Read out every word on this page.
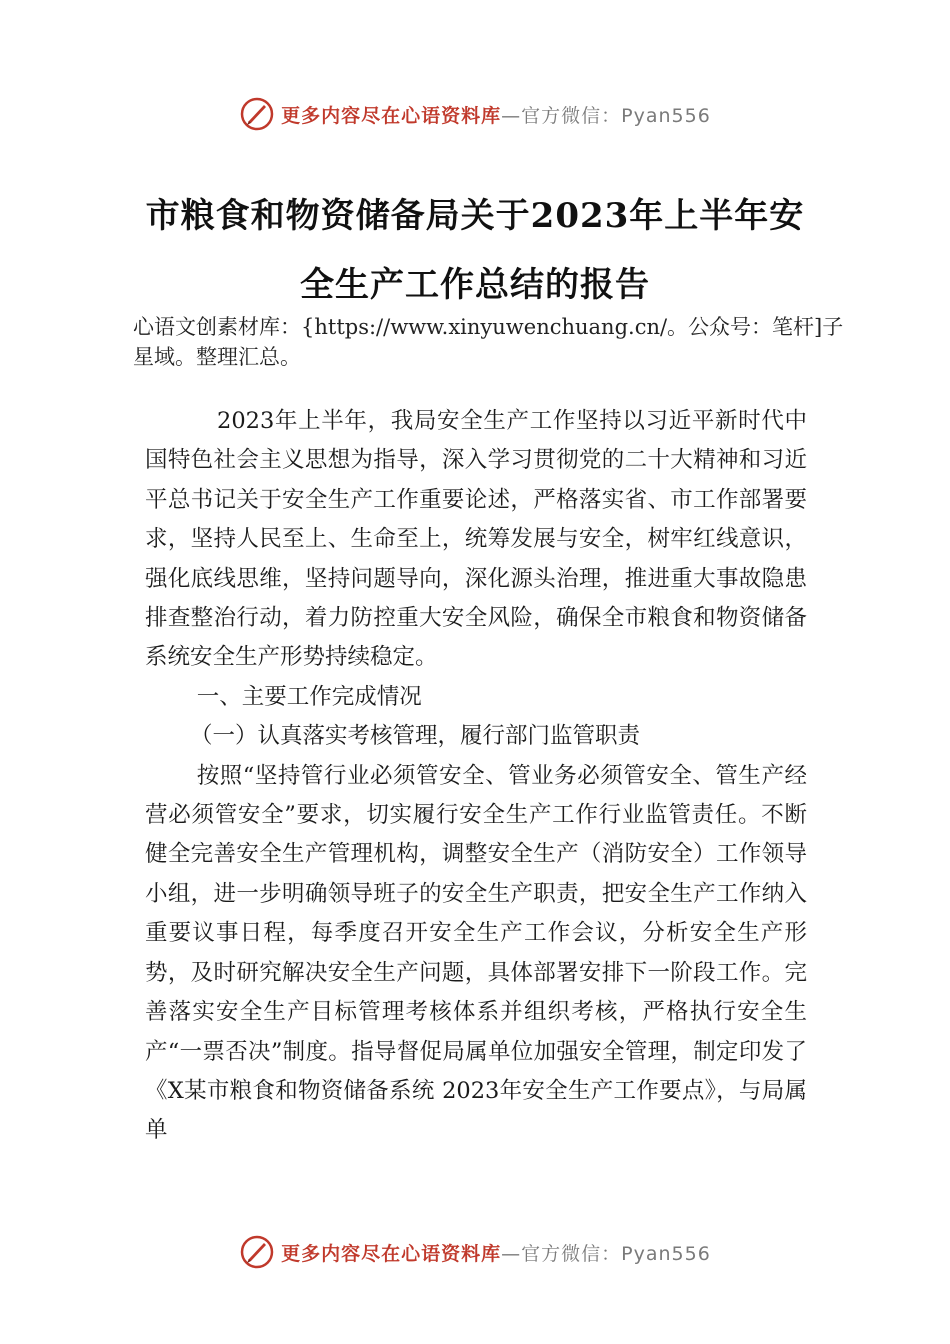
更多内容尽在心语资料库 —官方微信：Pyan556
市粮食和物资储备局关于2023年上半年安
全生产工作总结的报告

心语文创素材库：{https://www.xinyuwenchuang.cn/。公众号：笔杆]子星域。整理汇总。

2023年上半年，我局安全生产工作坚持以习近平新时代中国特色社会主义思想为指导，深入学习贯彻党的二十大精神和习近平总书记关于安全生产工作重要论述，严格落实省、市工作部署要求，坚持人民至上、生命至上，统筹发展与安全，树牢红线意识，强化底线思维，坚持问题导向，深化源头治理，推进重大事故隐患排查整治行动，着力防控重大安全风险，确保全市粮食和物资储备系统安全生产形势持续稳定。

一、主要工作完成情况

（一）认真落实考核管理，履行部门监管职责

按照“坚持管行业必须管安全、管业务必须管安全、管生产经营必须管安全”要求，切实履行安全生产工作行业监管责任。不断健全完善安全生产管理机构，调整安全生产（消防安全）工作领导小组，进一步明确领导班子的安全生产职责，把安全生产工作纳入重要议事日程，每季度召开安全生产工作会议，分析安全生产形势，及时研究解决安全生产问题，具体部署安排下一阶段工作。完善落实安全生产目标管理考核体系并组织考核，严格执行安全生产“一票否决”制度。指导督促局属单位加强安全管理，制定印发了《X某市粮食和物资储备系统 2023年安全生产工作要点》，与局属单

更多内容尽在心语资料库 —官方微信：Pyan556
